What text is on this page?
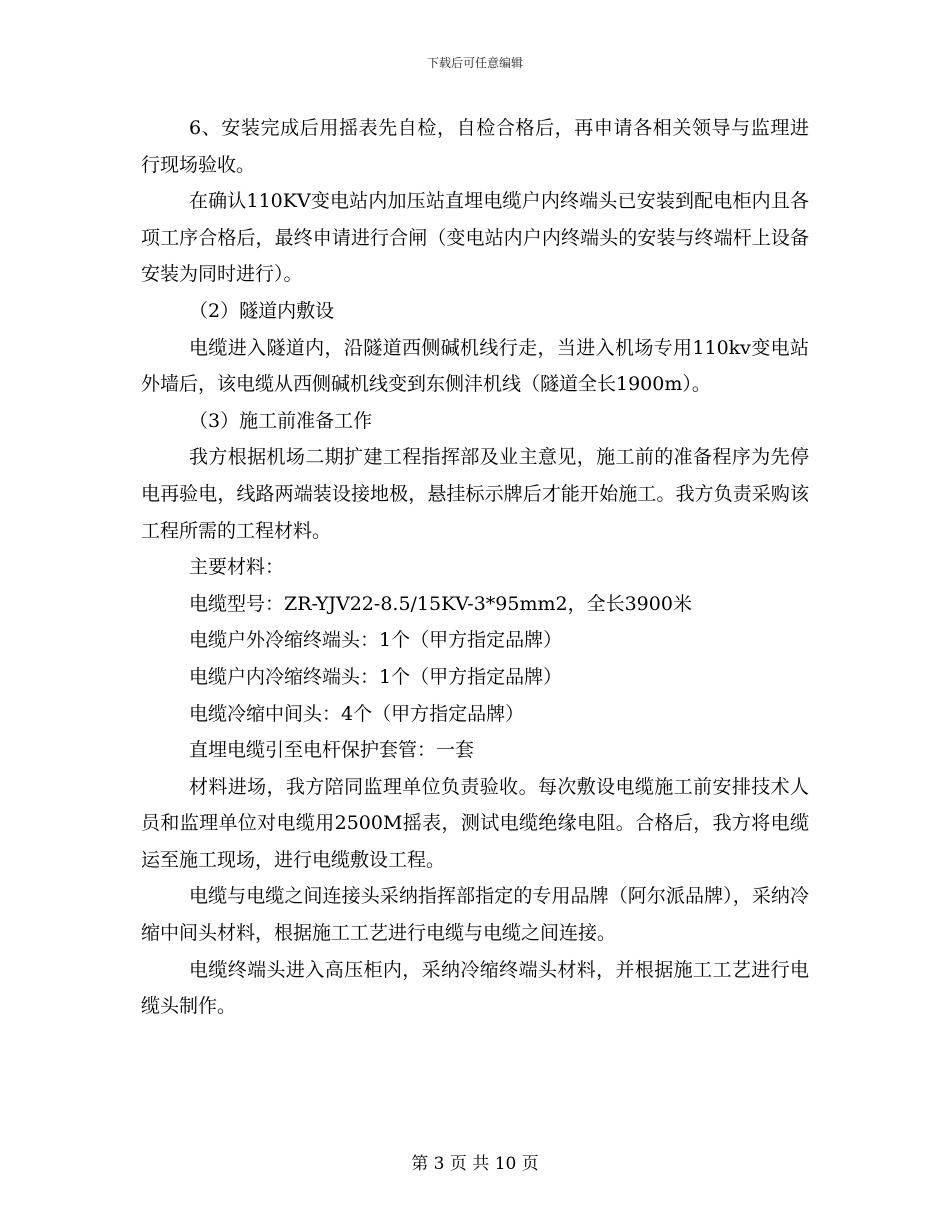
下载后可任意编辑

6、安装完成后用摇表先自检，自检合格后，再申请各相关领导与监理进行现场验收。

在确认110KV变电站内加压站直埋电缆户内终端头已安装到配电柜内且各项工序合格后，最终申请进行合闸（变电站内户内终端头的安装与终端杆上设备安装为同时进行）。

（2）隧道内敷设

电缆进入隧道内，沿隧道西侧碱机线行走，当进入机场专用110kv变电站外墙后，该电缆从西侧碱机线变到东侧沣机线（隧道全长1900m）。

（3）施工前准备工作

我方根据机场二期扩建工程指挥部及业主意见，施工前的准备程序为先停电再验电，线路两端装设接地极，悬挂标示牌后才能开始施工。我方负责采购该工程所需的工程材料。

主要材料：

电缆型号：ZR-YJV22-8.5/15KV-3*95mm2，全长3900米

电缆户外冷缩终端头：1个（甲方指定品牌）

电缆户内冷缩终端头：1个（甲方指定品牌）

电缆冷缩中间头：4个（甲方指定品牌）

直埋电缆引至电杆保护套管：一套

材料进场，我方陪同监理单位负责验收。每次敷设电缆施工前安排技术人员和监理单位对电缆用2500M摇表，测试电缆绝缘电阻。合格后，我方将电缆运至施工现场，进行电缆敷设工程。

电缆与电缆之间连接头采纳指挥部指定的专用品牌（阿尔派品牌），采纳冷缩中间头材料，根据施工工艺进行电缆与电缆之间连接。

电缆终端头进入高压柜内，采纳冷缩终端头材料，并根据施工工艺进行电缆头制作。

第 3 页 共 10 页
